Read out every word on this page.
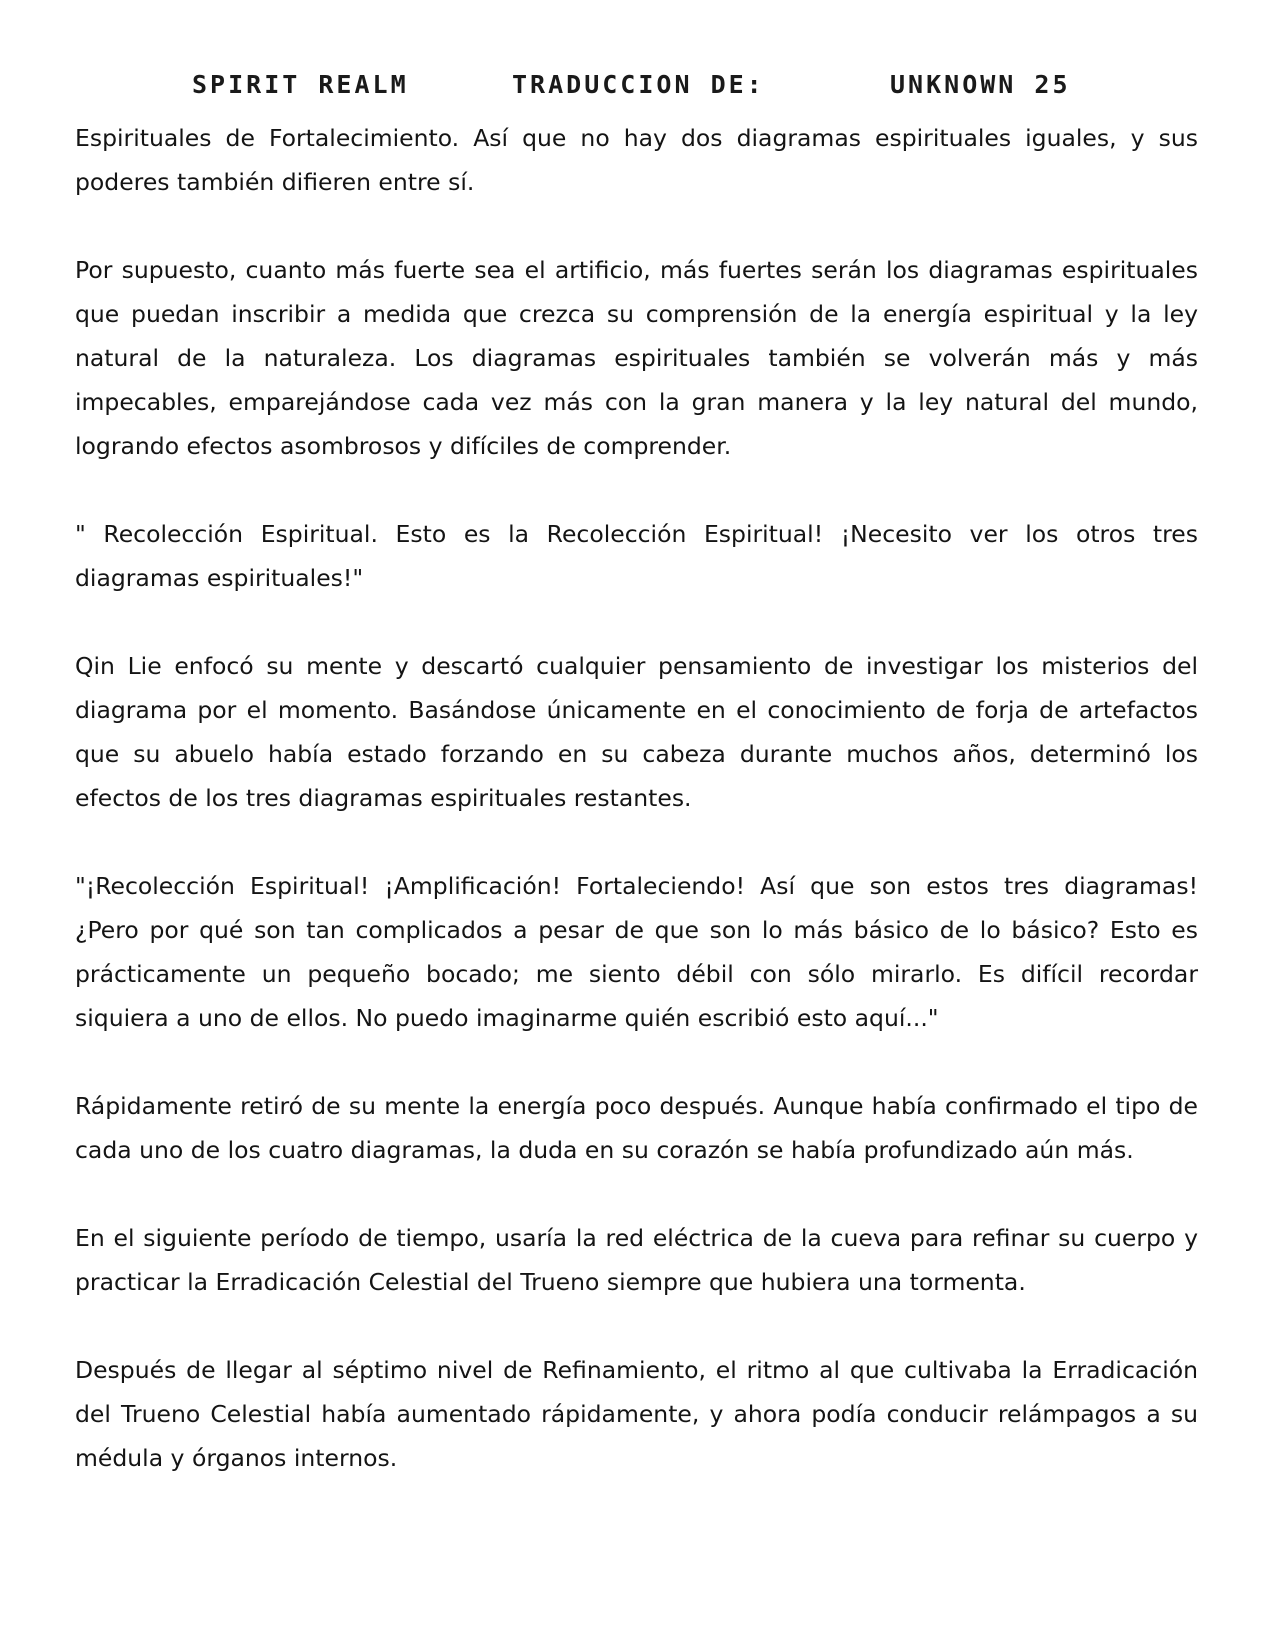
SPIRIT REALM	TRADUCCION DE:	UNKNOWN 25

Espirituales de Fortalecimiento. Así que no hay dos diagramas espirituales iguales, y sus poderes también difieren entre sí.

Por supuesto, cuanto más fuerte sea el artificio, más fuertes serán los diagramas espirituales que puedan inscribir a medida que crezca su comprensión de la energía espiritual y la ley natural de la naturaleza. Los diagramas espirituales también se volverán más y más impecables, emparejándose cada vez más con la gran manera y la ley natural del mundo, logrando efectos asombrosos y difíciles de comprender.

" Recolección Espiritual. Esto es la Recolección Espiritual! ¡Necesito ver los otros tres diagramas espirituales!"

Qin Lie enfocó su mente y descartó cualquier pensamiento de investigar los misterios del diagrama por el momento. Basándose únicamente en el conocimiento de forja de artefactos que su abuelo había estado forzando en su cabeza durante muchos años, determinó los efectos de los tres diagramas espirituales restantes.

"¡Recolección Espiritual! ¡Amplificación! Fortaleciendo! Así que son estos tres diagramas! ¿Pero por qué son tan complicados a pesar de que son lo más básico de lo básico? Esto es prácticamente un pequeño bocado; me siento débil con sólo mirarlo. Es difícil recordar siquiera a uno de ellos. No puedo imaginarme quién escribió esto aquí..."

Rápidamente retiró de su mente la energía poco después. Aunque había confirmado el tipo de cada uno de los cuatro diagramas, la duda en su corazón se había profundizado aún más.

En el siguiente período de tiempo, usaría la red eléctrica de la cueva para refinar su cuerpo y practicar la Erradicación Celestial del Trueno siempre que hubiera una tormenta.

Después de llegar al séptimo nivel de Refinamiento, el ritmo al que cultivaba la Erradicación del Trueno Celestial había aumentado rápidamente, y ahora podía conducir relámpagos a su médula y órganos internos.
